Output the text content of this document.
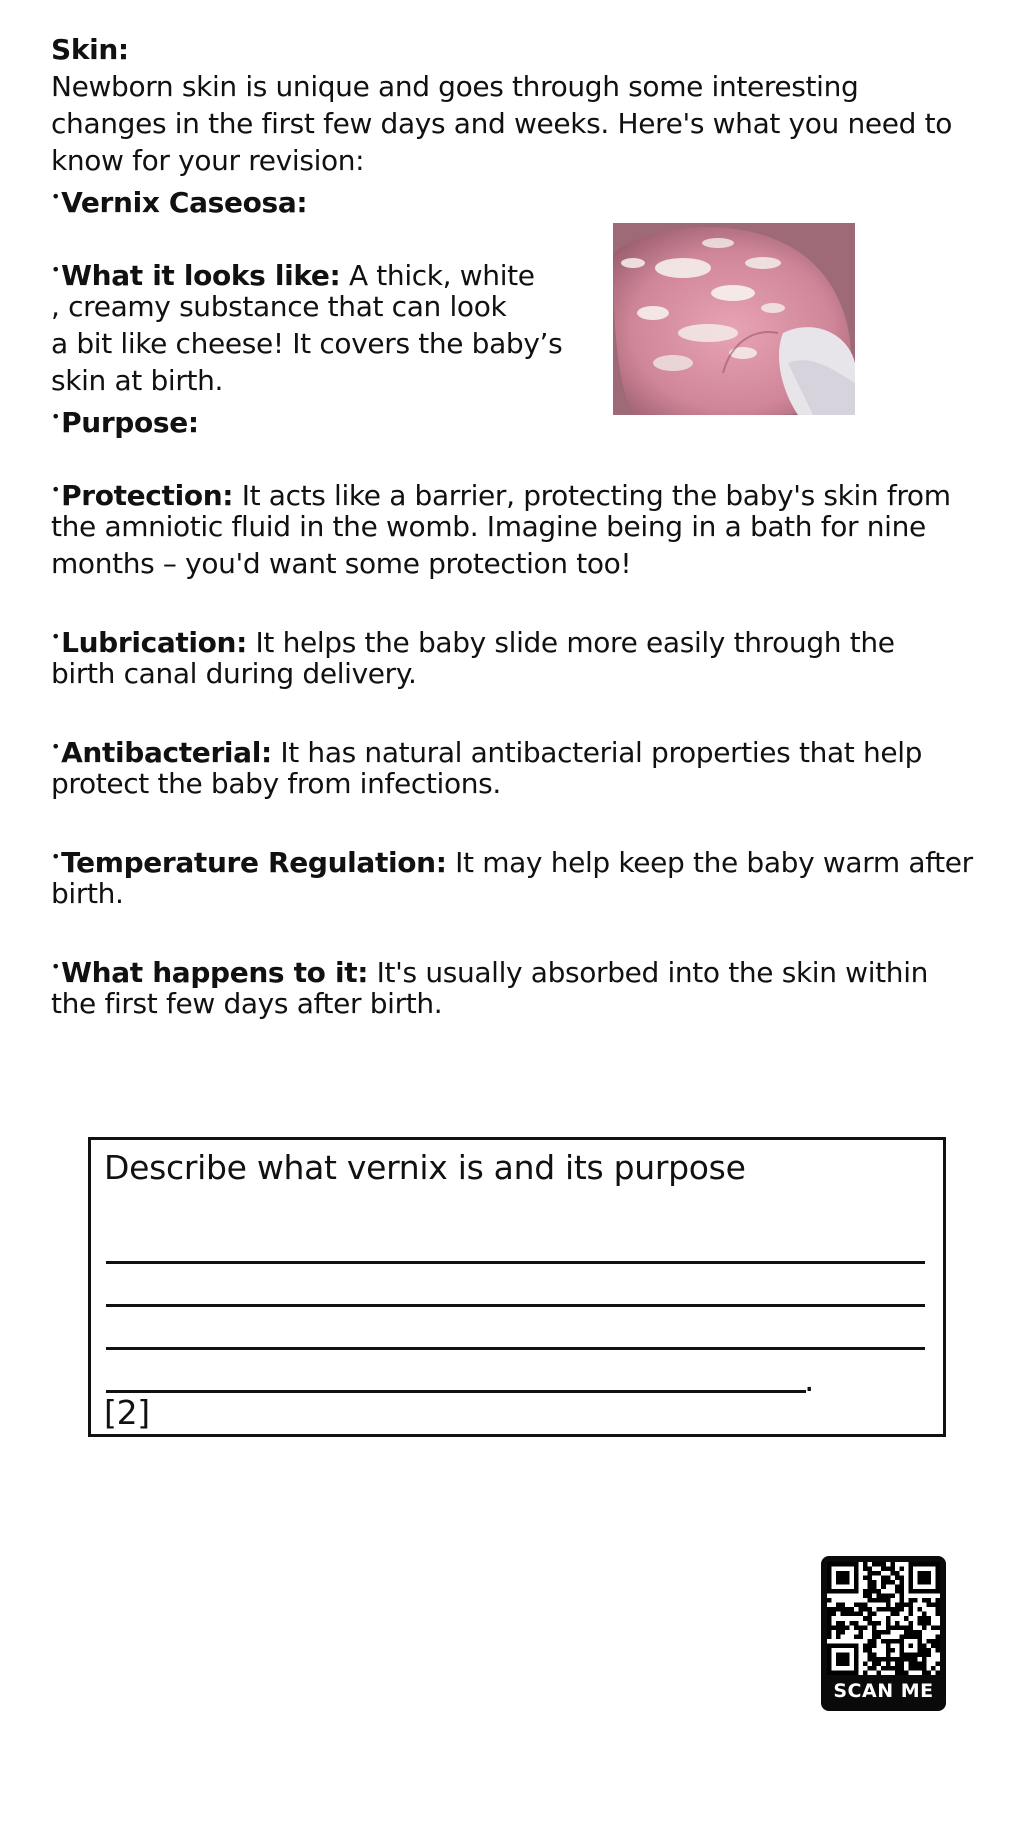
Skin:
Newborn skin is unique and goes through some interesting
changes in the first few days and weeks. Here's what you need to
know for your revision:
•Vernix Caseosa:
•What it looks like: A thick, white
, creamy substance that can look
a bit like cheese! It covers the baby’s
skin at birth.
•Purpose:
•Protection: It acts like a barrier, protecting the baby's skin from
the amniotic fluid in the womb. Imagine being in a bath for nine
months – you'd want some protection too!
•Lubrication: It helps the baby slide more easily through the
birth canal during delivery.
•Antibacterial: It has natural antibacterial properties that help
protect the baby from infections.
•Temperature Regulation: It may help keep the baby warm after
birth.
•What happens to it: It's usually absorbed into the skin within
the first few days after birth.
Describe what vernix is and its purpose
.
[2]
SCAN ME
